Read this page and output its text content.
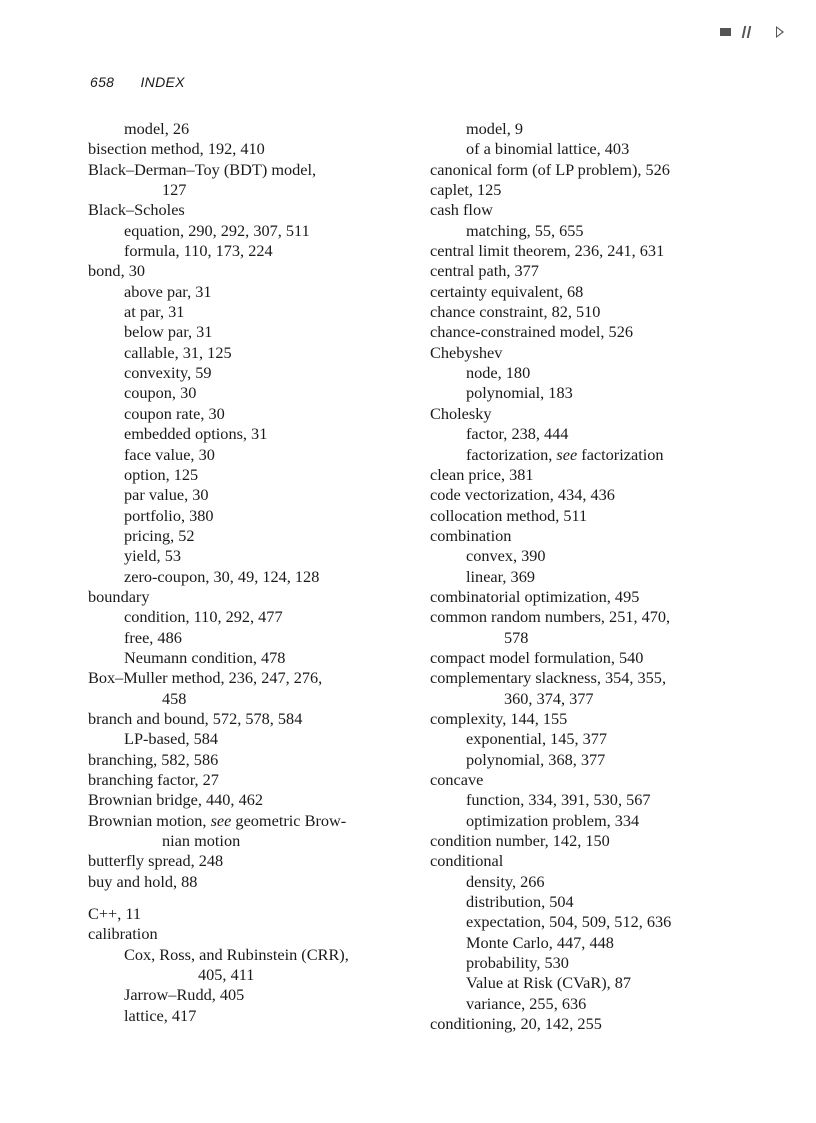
658 INDEX
model, 26
bisection method, 192, 410
Black–Derman–Toy (BDT) model,
127
Black–Scholes
equation, 290, 292, 307, 511
formula, 110, 173, 224
bond, 30
above par, 31
at par, 31
below par, 31
callable, 31, 125
convexity, 59
coupon, 30
coupon rate, 30
embedded options, 31
face value, 30
option, 125
par value, 30
portfolio, 380
pricing, 52
yield, 53
zero-coupon, 30, 49, 124, 128
boundary
condition, 110, 292, 477
free, 486
Neumann condition, 478
Box–Muller method, 236, 247, 276,
458
branch and bound, 572, 578, 584
LP-based, 584
branching, 582, 586
branching factor, 27
Brownian bridge, 440, 462
Brownian motion, see geometric Brow-
nian motion
butterfly spread, 248
buy and hold, 88
C++, 11
calibration
Cox, Ross, and Rubinstein (CRR),
405, 411
Jarrow–Rudd, 405
lattice, 417
model, 9
of a binomial lattice, 403
canonical form (of LP problem), 526
caplet, 125
cash flow
matching, 55, 655
central limit theorem, 236, 241, 631
central path, 377
certainty equivalent, 68
chance constraint, 82, 510
chance-constrained model, 526
Chebyshev
node, 180
polynomial, 183
Cholesky
factor, 238, 444
factorization, see factorization
clean price, 381
code vectorization, 434, 436
collocation method, 511
combination
convex, 390
linear, 369
combinatorial optimization, 495
common random numbers, 251, 470,
578
compact model formulation, 540
complementary slackness, 354, 355,
360, 374, 377
complexity, 144, 155
exponential, 145, 377
polynomial, 368, 377
concave
function, 334, 391, 530, 567
optimization problem, 334
condition number, 142, 150
conditional
density, 266
distribution, 504
expectation, 504, 509, 512, 636
Monte Carlo, 447, 448
probability, 530
Value at Risk (CVaR), 87
variance, 255, 636
conditioning, 20, 142, 255
